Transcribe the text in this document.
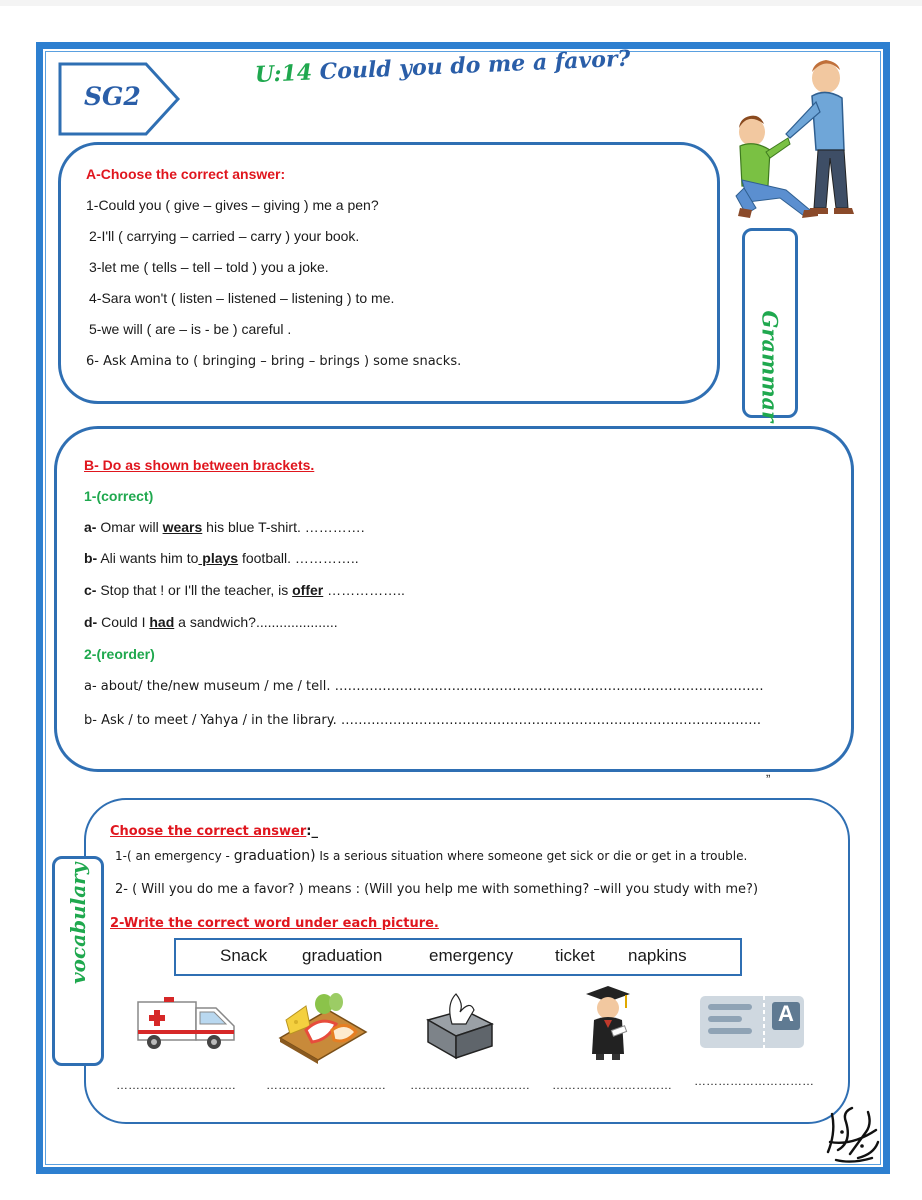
SG2
U:14 Could you do me a favor?
A-Choose the correct answer:
1-Could you ( give – gives – giving ) me a pen?
2-I'll ( carrying – carried – carry ) your book.
3-let me ( tells – tell – told ) you a joke.
4-Sara won't ( listen – listened – listening ) to me.
5-we will ( are – is - be ) careful .
6- Ask Amina to ( bringing – bring – brings ) some snacks.
B- Do as shown between brackets.
1-(correct)
a- Omar will wears his blue T-shirt. ………….
b- Ali wants him to plays football. …………..
c- Stop that ! or I'll the teacher, is offer ……………..
d- Could I had a sandwich?.....................
2-(reorder)
a- about/ the/new museum / me / tell. ………………………………………………………………………………………
b- Ask / to meet / Yahya / in the library. …………………………………………………………………………………….
„
Choose the correct answer:_
1-( an emergency - graduation) Is a serious situation where someone get sick or die or get in a trouble.
2- ( Will you do me a favor? ) means : (Will you help me with something? –will you study with me?)
2-Write the correct word under each picture.
Snack graduation	emergency ticket napkins
A
…………………………	………………………… ………………………… ………………………… …………………………
